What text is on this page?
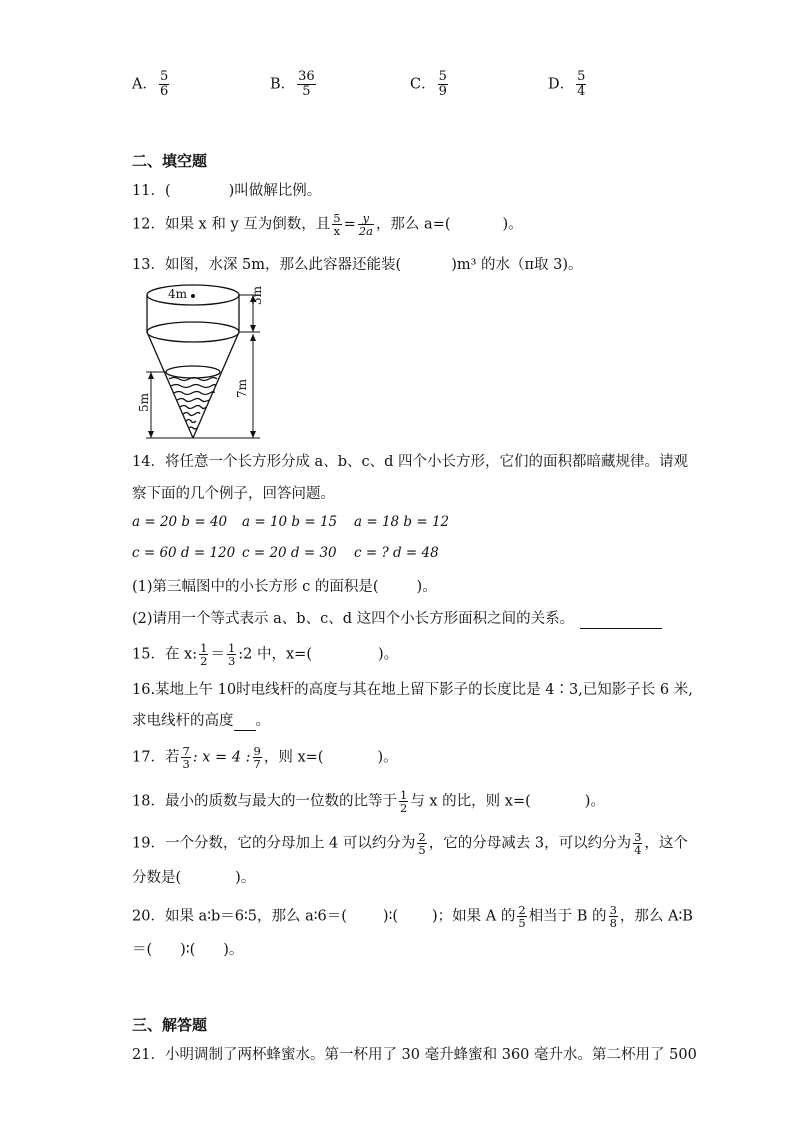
A． $\frac{5}{6}$	B． $\frac{36}{5}$	C． $\frac{5}{9}$	D． $\frac{5}{4}$
二、填空题
11．(	)叫做解比例。
12．如果 x 和 y 互为倒数，且 $\frac{5}{x} = \frac{y}{2a}$ ，那么 a=(	)。
13．如图，水深 5m，那么此容器还能装(	)m³ 的水（π取 3)。
4m	3m
7m
5m
14．将任意一个长方形分成 a、b、c、d 四个小长方形，它们的面积都暗藏规律。请观
察下面的几个例子，回答问题。
a = 20 b = 40 a = 10 b = 15 a = 18 b = 12
c = 60 d = 120 c = 20 d = 30 c = ? d = 48
(1)第三幅图中的小长方形 c 的面积是(	)。
(2)请用一个等式表示 a、b、c、d 这四个小长方形面积之间的关系。
15．在 x: $\frac{1}{2} = \frac{1}{3}$ :2 中，x=(	)。
16.某地上午 10时电线杆的高度与其在地上留下影子的长度比是 4∶3,已知影子长 6 米,
求电线杆的高度 。
17．若 $\frac{7}{3}$ : x = 4 : $\frac{9}{7}$ ，则 x=(	)。
18．最小的质数与最大的一位数的比等于 $\frac{1}{2}$ 与 x 的比，则 x=(	)。
19．一个分数，它的分母加上 4 可以约分为 $\frac{2}{5}$ ，它的分母减去 3，可以约分为 $\frac{3}{4}$ ，这个
分数是(	)。
20．如果 a∶b＝6∶5，那么 a∶6＝( )∶( )；如果 A 的 $\frac{2}{5}$ 相当于 B 的 $\frac{3}{8}$ ，那么 A∶B
＝( )∶( )。
三、解答题
21．小明调制了两杯蜂蜜水。第一杯用了 30 毫升蜂蜜和 360 毫升水。第二杯用了 500
